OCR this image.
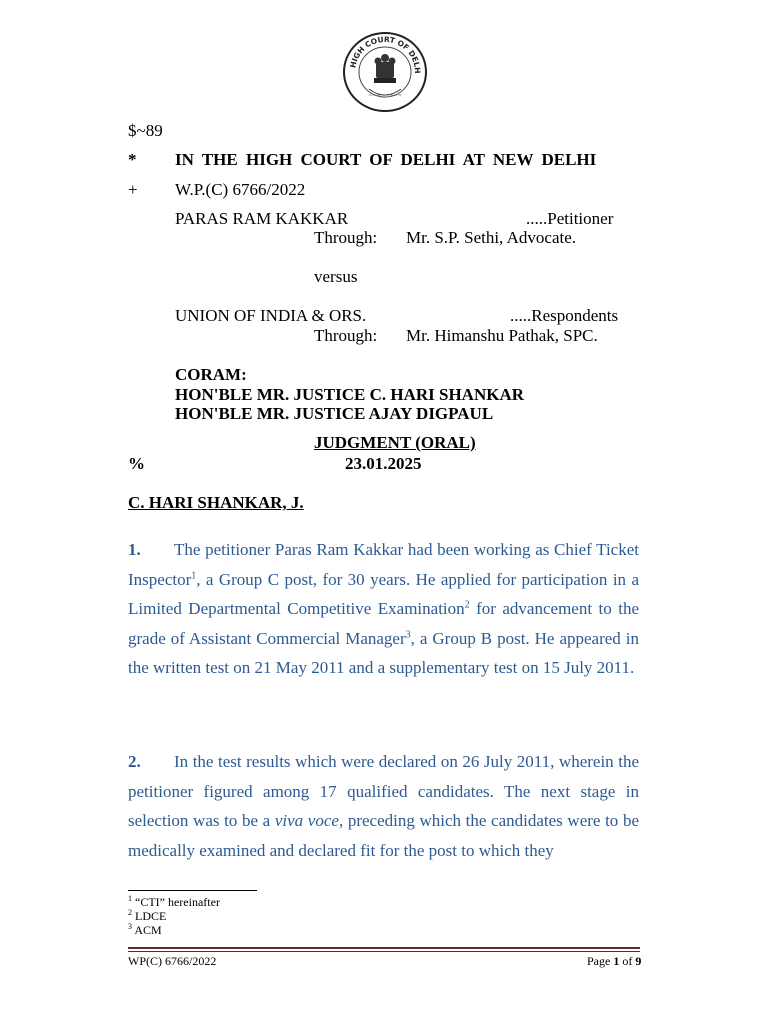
HIGH COURT OF DELH
~~~~~~~~
$~89
* IN THE HIGH COURT OF DELHI AT NEW DELHI
+ W.P.(C) 6766/2022
PARAS RAM KAKKAR	.....Petitioner
Through: Mr. S.P. Sethi, Advocate.
versus
UNION OF INDIA & ORS.	.....Respondents
Through: Mr. Himanshu Pathak, SPC.
CORAM:
HON'BLE MR. JUSTICE C. HARI SHANKAR
HON'BLE MR. JUSTICE AJAY DIGPAUL
JUDGMENT (ORAL)
%	23.01.2025
C. HARI SHANKAR, J.
1. The petitioner Paras Ram Kakkar had been working as Chief Ticket Inspector$^1$, a Group C post, for 30 years. He applied for participation in a Limited Departmental Competitive Examination$^2$ for advancement to the grade of Assistant Commercial Manager$^3$, a Group B post. He appeared in the written test on 21 May 2011 and a supplementary test on 15 July 2011.
2. In the test results which were declared on 26 July 2011, wherein the petitioner figured among 17 qualified candidates. The next stage in selection was to be a viva voce, preceding which the candidates were to be medically examined and declared fit for the post to which they
$^1$ “CTI” hereinafter
$^2$ LDCE
$^3$ ACM
WP(C) 6766/2022	Page 1 of 9
